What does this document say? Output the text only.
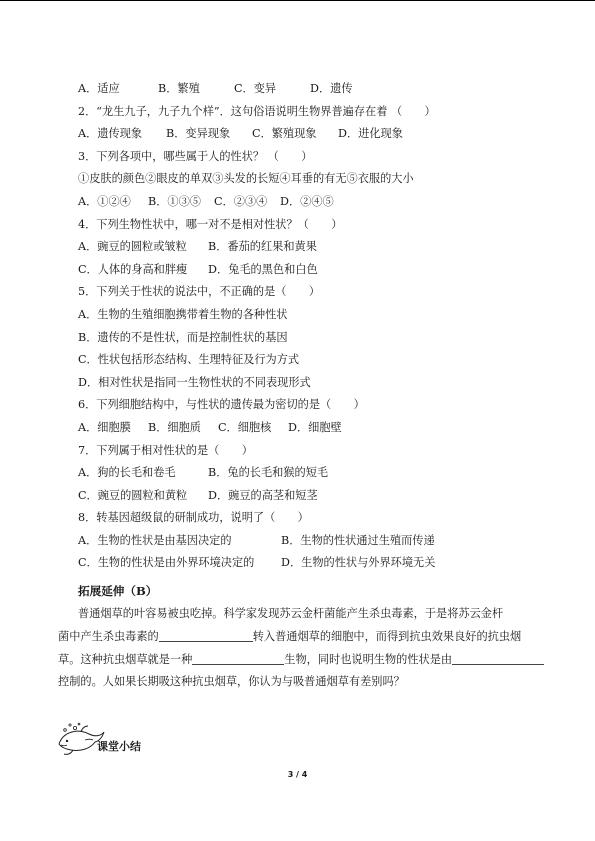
A．适应	B．繁殖	C．变异	D．遗传
2．“龙生九子，九子九个样”．这句俗语说明生物界普遍存在着 （　　）
A．遗传现象	B．变异现象	C．繁殖现象	D．进化现象
3．下列各项中，哪些属于人的性状？ （　　）
①皮肤的颜色②眼皮的单双③头发的长短④耳垂的有无⑤衣服的大小
A．①②④	B．①③⑤	C．②③④	D．②④⑤
4．下列生物性状中，哪一对不是相对性状？（　　）
A．豌豆的圆粒或皱粒	B．番茄的红果和黄果
C．人体的身高和胖瘦	D．兔毛的黑色和白色
5．下列关于性状的说法中，不正确的是（　　）
A．生物的生殖细胞携带着生物的各种性状
B．遗传的不是性状，而是控制性状的基因
C．性状包括形态结构、生理特征及行为方式
D．相对性状是指同一生物性状的不同表现形式
6．下列细胞结构中，与性状的遗传最为密切的是（　　）
A．细胞膜	B．细胞质	C．细胞核	D．细胞壁
7．下列属于相对性状的是（　　）
A．狗的长毛和卷毛	B．兔的长毛和猴的短毛
C．豌豆的圆粒和黄粒	D．豌豆的高茎和短茎
8．转基因超级鼠的研制成功，说明了（　　）
A．生物的性状是由基因决定的	B．生物的性状通过生殖而传递
C．生物的性状是由外界环境决定的	D．生物的性状与外界环境无关
拓展延伸（B）
普通烟草的叶容易被虫吃掉。科学家发现苏云金杆菌能产生杀虫毒素，于是将苏云金杆
菌中产生杀虫毒素的	转入普通烟草的细胞中，而得到抗虫效果良好的抗虫烟
草。这种抗虫烟草就是一种	生物，同时也说明生物的性状是由
控制的。人如果长期吸这种抗虫烟草，你认为与吸普通烟草有差别吗？
课堂小结
3 / 4
